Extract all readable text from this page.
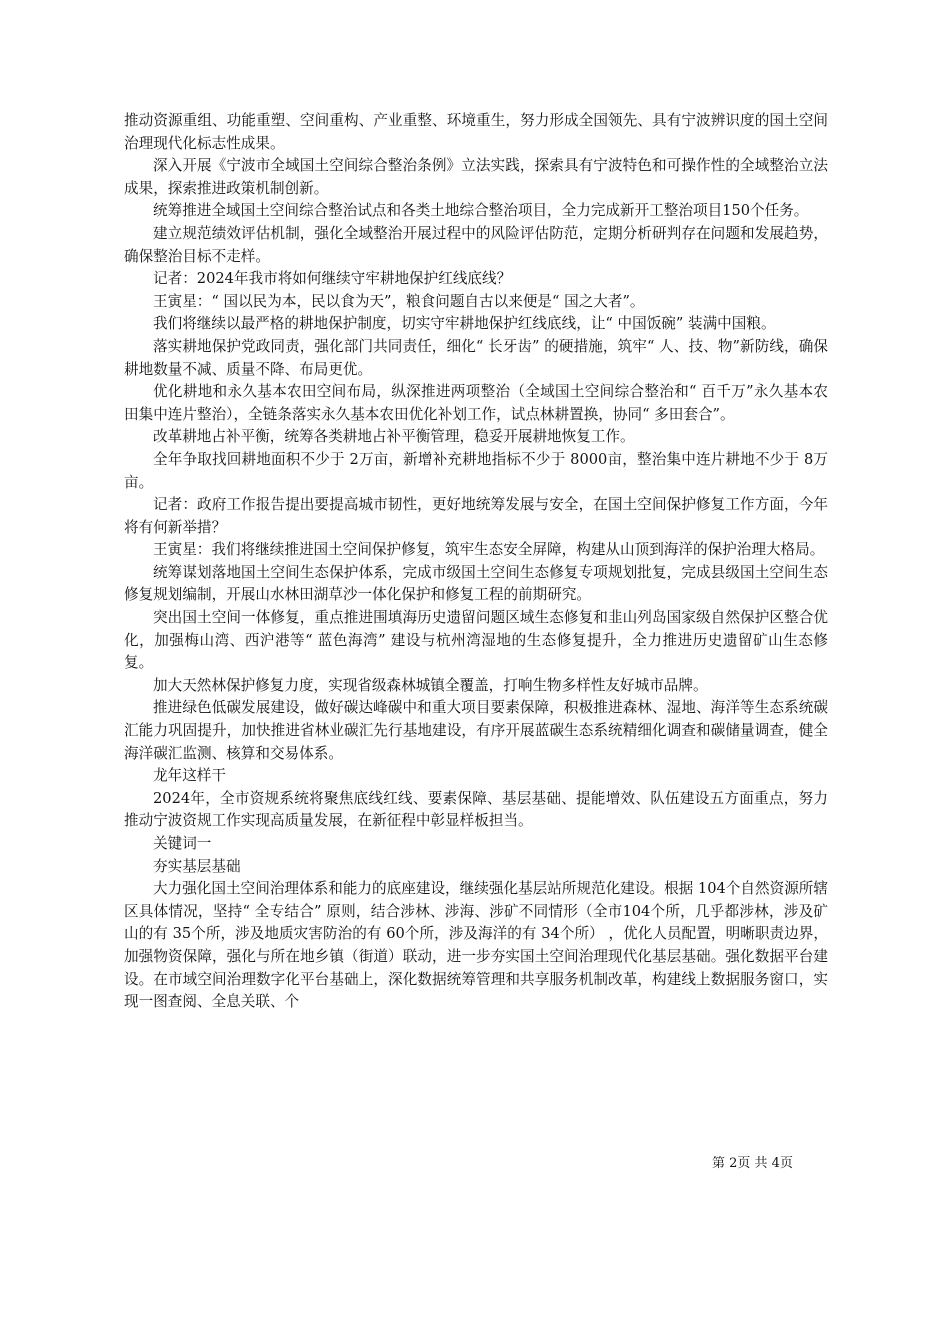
推动资源重组、功能重塑、空间重构、产业重整、环境重生，努力形成全国领先、具有宁波辨识度的国土空间治理现代化标志性成果。

深入开展《宁波市全域国土空间综合整治条例》立法实践，探索具有宁波特色和可操作性的全域整治立法成果，探索推进政策机制创新。

统筹推进全域国土空间综合整治试点和各类土地综合整治项目，全力完成新开工整治项目150个任务。

建立规范绩效评估机制，强化全域整治开展过程中的风险评估防范，定期分析研判存在问题和发展趋势，确保整治目标不走样。

记者：2024年我市将如何继续守牢耕地保护红线底线？

王寅星：“ 国以民为本，民以食为天”，粮食问题自古以来便是“ 国之大者”。

我们将继续以最严格的耕地保护制度，切实守牢耕地保护红线底线，让“ 中国饭碗” 装满中国粮。

落实耕地保护党政同责，强化部门共同责任，细化“ 长牙齿” 的硬措施，筑牢“ 人、技、物”新防线，确保耕地数量不减、质量不降、布局更优。

优化耕地和永久基本农田空间布局，纵深推进两项整治（全域国土空间综合整治和“ 百千万”永久基本农田集中连片整治），全链条落实永久基本农田优化补划工作，试点林耕置换，协同“ 多田套合”。

改革耕地占补平衡，统筹各类耕地占补平衡管理，稳妥开展耕地恢复工作。

全年争取找回耕地面积不少于 2万亩，新增补充耕地指标不少于 8000亩，整治集中连片耕地不少于 8万亩。

记者：政府工作报告提出要提高城市韧性，更好地统筹发展与安全，在国土空间保护修复工作方面，今年将有何新举措？

王寅星：我们将继续推进国土空间保护修复，筑牢生态安全屏障，构建从山顶到海洋的保护治理大格局。

统筹谋划落地国土空间生态保护体系，完成市级国土空间生态修复专项规划批复，完成县级国土空间生态修复规划编制，开展山水林田湖草沙一体化保护和修复工程的前期研究。

突出国土空间一体修复，重点推进围填海历史遗留问题区域生态修复和韭山列岛国家级自然保护区整合优化，加强梅山湾、西沪港等“ 蓝色海湾” 建设与杭州湾湿地的生态修复提升，全力推进历史遗留矿山生态修复。

加大天然林保护修复力度，实现省级森林城镇全覆盖，打响生物多样性友好城市品牌。

推进绿色低碳发展建设，做好碳达峰碳中和重大项目要素保障，积极推进森林、湿地、海洋等生态系统碳汇能力巩固提升，加快推进省林业碳汇先行基地建设，有序开展蓝碳生态系统精细化调查和碳储量调查，健全海洋碳汇监测、核算和交易体系。

龙年这样干

2024年，全市资规系统将聚焦底线红线、要素保障、基层基础、提能增效、队伍建设五方面重点，努力推动宁波资规工作实现高质量发展，在新征程中彰显样板担当。

关键词一

夯实基层基础

大力强化国土空间治理体系和能力的底座建设，继续强化基层站所规范化建设。根据 104个自然资源所辖区具体情况，坚持“ 全专结合” 原则，结合涉林、涉海、涉矿不同情形（全市104个所，几乎都涉林，涉及矿山的有 35个所，涉及地质灾害防治的有 60个所，涉及海洋的有 34个所） ，优化人员配置，明晰职责边界，加强物资保障，强化与所在地乡镇（街道）联动，进一步夯实国土空间治理现代化基层基础。强化数据平台建设。在市域空间治理数字化平台基础上，深化数据统筹管理和共享服务机制改革，构建线上数据服务窗口，实现一图查阅、全息关联、个

第 2页 共 4页
